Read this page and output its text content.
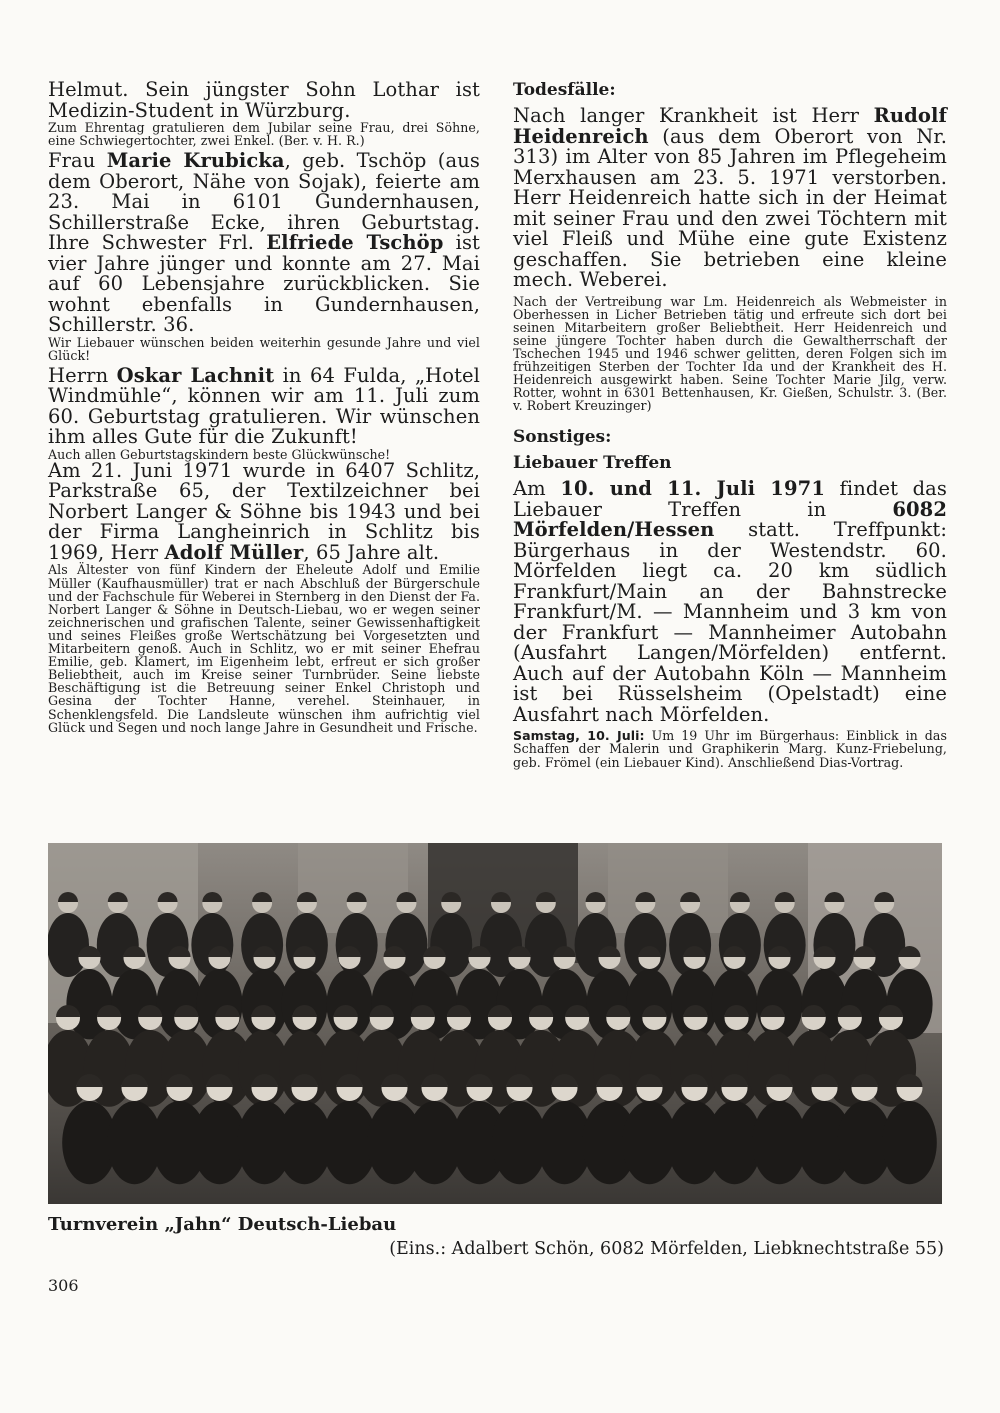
Helmut. Sein jüngster Sohn Lothar ist Medizin-Student in Würzburg.

Zum Ehrentag gratulieren dem Jubilar seine Frau, drei Söhne, eine Schwiegertochter, zwei Enkel. (Ber. v. H. R.)

Frau Marie Krubicka, geb. Tschöp (aus dem Oberort, Nähe von Sojak), feierte am 23. Mai in 6101 Gundernhausen, Schillerstraße Ecke, ihren Geburtstag. Ihre Schwester Frl. Elfriede Tschöp ist vier Jahre jünger und konnte am 27. Mai auf 60 Lebensjahre zurückblicken. Sie wohnt ebenfalls in Gundernhausen, Schillerstr. 36.

Wir Liebauer wünschen beiden weiterhin gesunde Jahre und viel Glück!

Herrn Oskar Lachnit in 64 Fulda, „Hotel Windmühle“, können wir am 11. Juli zum 60. Geburtstag gratulieren. Wir wünschen ihm alles Gute für die Zukunft!

Auch allen Geburtstagskindern beste Glückwünsche!

Am 21. Juni 1971 wurde in 6407 Schlitz, Parkstraße 65, der Textilzeichner bei Norbert Langer & Söhne bis 1943 und bei der Firma Langheinrich in Schlitz bis 1969, Herr Adolf Müller, 65 Jahre alt.

Als Ältester von fünf Kindern der Eheleute Adolf und Emilie Müller (Kaufhausmüller) trat er nach Abschluß der Bürgerschule und der Fachschule für Weberei in Sternberg in den Dienst der Fa. Norbert Langer & Söhne in Deutsch-Liebau, wo er wegen seiner zeichnerischen und grafischen Talente, seiner Gewissenhaftigkeit und seines Fleißes große Wertschätzung bei Vorgesetzten und Mitarbeitern genoß. Auch in Schlitz, wo er mit seiner Ehefrau Emilie, geb. Klamert, im Eigenheim lebt, erfreut er sich großer Beliebtheit, auch im Kreise seiner Turnbrüder. Seine liebste Beschäftigung ist die Betreuung seiner Enkel Christoph und Gesina der Tochter Hanne, verehel. Steinhauer, in Schenklengsfeld. Die Landsleute wünschen ihm aufrichtig viel Glück und Segen und noch lange Jahre in Gesundheit und Frische.

Todesfälle:

Nach langer Krankheit ist Herr Rudolf Heidenreich (aus dem Oberort von Nr. 313) im Alter von 85 Jahren im Pflegeheim Merxhausen am 23. 5. 1971 verstorben. Herr Heidenreich hatte sich in der Heimat mit seiner Frau und den zwei Töchtern mit viel Fleiß und Mühe eine gute Existenz geschaffen. Sie betrieben eine kleine mech. Weberei.

Nach der Vertreibung war Lm. Heidenreich als Webmeister in Oberhessen in Licher Betrieben tätig und erfreute sich dort bei seinen Mitarbeitern großer Beliebtheit. Herr Heidenreich und seine jüngere Tochter haben durch die Gewaltherrschaft der Tschechen 1945 und 1946 schwer gelitten, deren Folgen sich im frühzeitigen Sterben der Tochter Ida und der Krankheit des H. Heidenreich ausgewirkt haben. Seine Tochter Marie Jilg, verw. Rotter, wohnt in 6301 Bettenhausen, Kr. Gießen, Schulstr. 3. (Ber. v. Robert Kreuzinger)

Sonstiges:

Liebauer Treffen

Am 10. und 11. Juli 1971 findet das Liebauer Treffen in 6082 Mörfelden/Hessen statt. Treffpunkt: Bürgerhaus in der Westendstr. 60. Mörfelden liegt ca. 20 km südlich Frankfurt/Main an der Bahnstrecke Frankfurt/M. — Mannheim und 3 km von der Frankfurt — Mannheimer Autobahn (Ausfahrt Langen/Mörfelden) entfernt. Auch auf der Autobahn Köln — Mannheim ist bei Rüsselsheim (Opelstadt) eine Ausfahrt nach Mörfelden.

Samstag, 10. Juli: Um 19 Uhr im Bürgerhaus: Einblick in das Schaffen der Malerin und Graphikerin Marg. Kunz-Friebelung, geb. Frömel (ein Liebauer Kind). Anschließend Dias-Vortrag.

Turnverein „Jahn“ Deutsch-Liebau

(Eins.: Adalbert Schön, 6082 Mörfelden, Liebknechtstraße 55)

306
